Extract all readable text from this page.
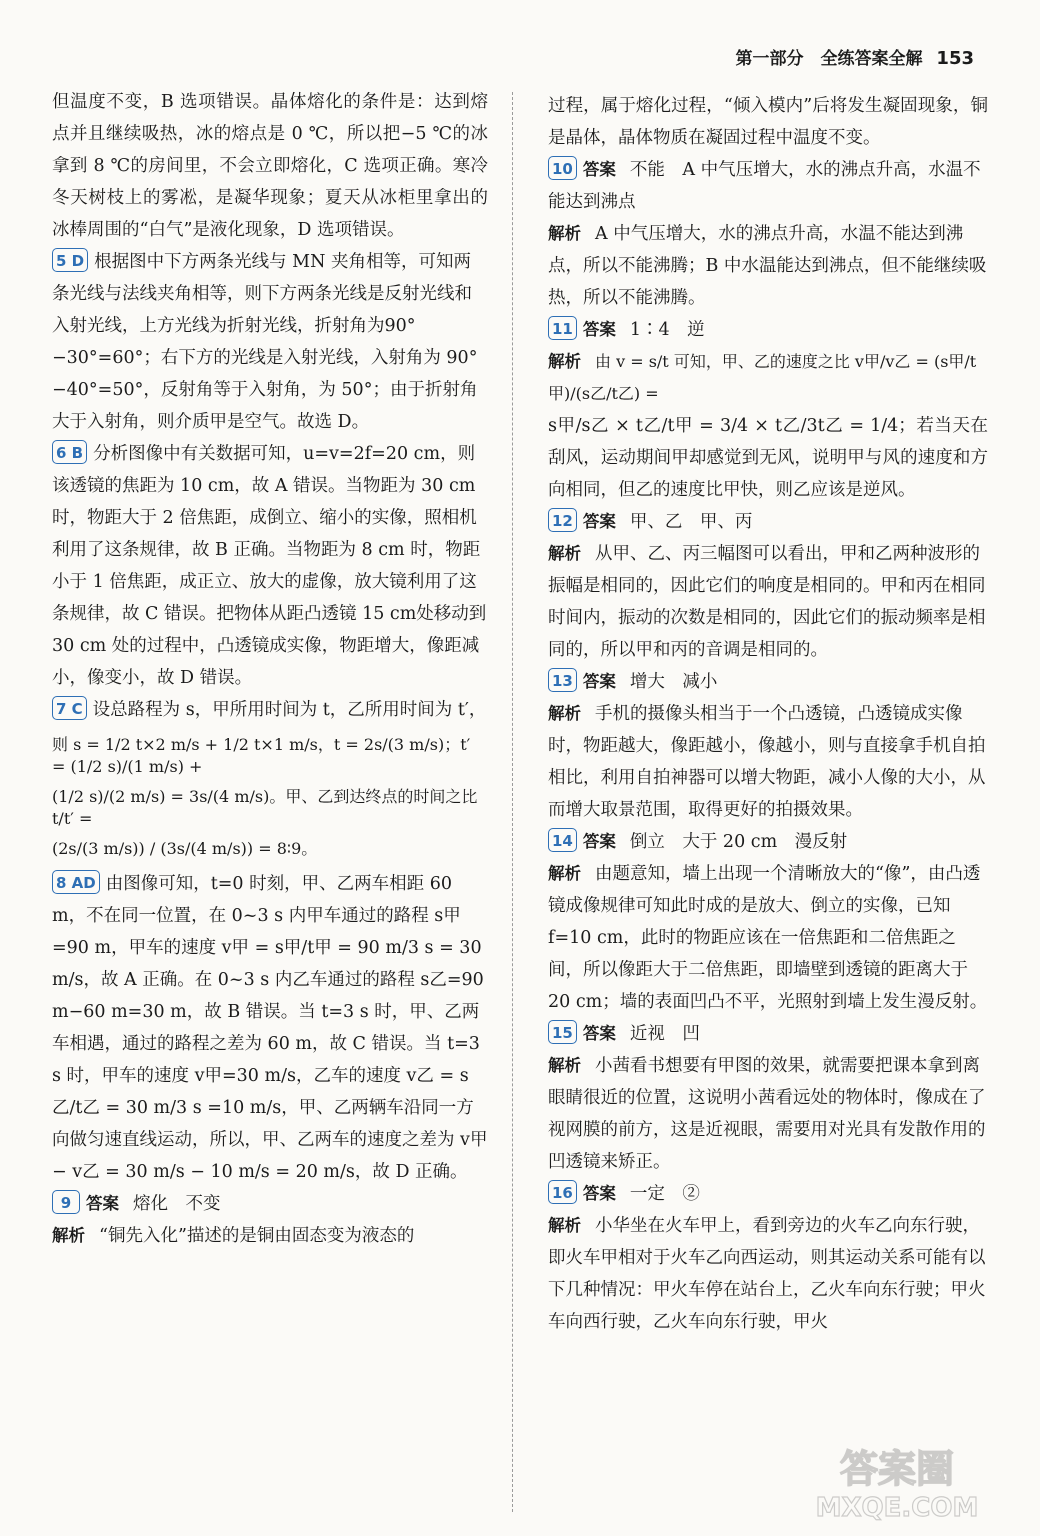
第一部分　全练答案全解 153

但温度不变，B 选项错误。晶体熔化的条件是：达到熔点并且继续吸热，冰的熔点是 0 ℃，所以把−5 ℃的冰拿到 8 ℃的房间里，不会立即熔化，C 选项正确。寒冷冬天树枝上的雾凇，是凝华现象；夏天从冰柜里拿出的冰棒周围的“白气”是液化现象，D 选项错误。

5 D 根据图中下方两条光线与 MN 夹角相等，可知两条光线与法线夹角相等，则下方两条光线是反射光线和入射光线，上方光线为折射光线，折射角为90°−30°=60°；右下方的光线是入射光线，入射角为 90°−40°=50°，反射角等于入射角，为 50°；由于折射角大于入射角，则介质甲是空气。故选 D。

6 B 分析图像中有关数据可知，u=v=2f=20 cm，则该透镜的焦距为 10 cm，故 A 错误。当物距为 30 cm时，物距大于 2 倍焦距，成倒立、缩小的实像，照相机利用了这条规律，故 B 正确。当物距为 8 cm 时，物距小于 1 倍焦距，成正立、放大的虚像，放大镜利用了这条规律，故 C 错误。把物体从距凸透镜 15 cm处移动到 30 cm 处的过程中，凸透镜成实像，物距增大，像距减小，像变小，故 D 错误。

7 C 设总路程为 s，甲所用时间为 t，乙所用时间为 t′，
则 s = 1/2 t×2 m/s + 1/2 t×1 m/s，t = 2s/(3 m/s)；t′ = (1/2 s)/(1 m/s) +
(1/2 s)/(2 m/s) = 3s/(4 m/s)。甲、乙到达终点的时间之比 t/t′ =
(2s/(3 m/s)) / (3s/(4 m/s)) = 8∶9。

8 AD 由图像可知，t=0 时刻，甲、乙两车相距 60 m，不在同一位置，在 0~3 s 内甲车通过的路程 s甲=90 m，甲车的速度 v甲 = s甲/t甲 = 90 m/3 s = 30 m/s，故 A 正确。在 0~3 s 内乙车通过的路程 s乙=90 m−60 m=30 m，故 B 错误。当 t=3 s 时，甲、乙两车相遇，通过的路程之差为 60 m，故 C 错误。当 t=3 s 时，甲车的速度 v甲=30 m/s，乙车的速度 v乙 = s乙/t乙 = 30 m/3 s =10 m/s，甲、乙两辆车沿同一方向做匀速直线运动，所以，甲、乙两车的速度之差为 v甲 − v乙 = 30 m/s − 10 m/s = 20 m/s，故 D 正确。

9 答案 熔化　不变

解析 “铜先入化”描述的是铜由固态变为液态的

过程，属于熔化过程，“倾入模内”后将发生凝固现象，铜是晶体，晶体物质在凝固过程中温度不变。

10 答案 不能　A 中气压增大，水的沸点升高，水温不能达到沸点

解析 A 中气压增大，水的沸点升高，水温不能达到沸点，所以不能沸腾；B 中水温能达到沸点，但不能继续吸热，所以不能沸腾。

11 答案 1∶4　逆

解析 由 v = s/t 可知，甲、乙的速度之比 v甲/v乙 = (s甲/t甲)/(s乙/t乙) =

s甲/s乙 × t乙/t甲 = 3/4 × t乙/3t乙 = 1/4；若当天在刮风，运动期间甲却感觉到无风，说明甲与风的速度和方向相同，但乙的速度比甲快，则乙应该是逆风。

12 答案 甲、乙　甲、丙

解析 从甲、乙、丙三幅图可以看出，甲和乙两种波形的振幅是相同的，因此它们的响度是相同的。甲和丙在相同时间内，振动的次数是相同的，因此它们的振动频率是相同的，所以甲和丙的音调是相同的。

13 答案 增大　减小

解析 手机的摄像头相当于一个凸透镜，凸透镜成实像时，物距越大，像距越小，像越小，则与直接拿手机自拍相比，利用自拍神器可以增大物距，减小人像的大小，从而增大取景范围，取得更好的拍摄效果。

14 答案 倒立　大于 20 cm　漫反射

解析 由题意知，墙上出现一个清晰放大的“像”，由凸透镜成像规律可知此时成的是放大、倒立的实像，已知 f=10 cm，此时的物距应该在一倍焦距和二倍焦距之间，所以像距大于二倍焦距，即墙壁到透镜的距离大于 20 cm；墙的表面凹凸不平，光照射到墙上发生漫反射。

15 答案 近视　凹

解析 小茜看书想要有甲图的效果，就需要把课本拿到离眼睛很近的位置，这说明小茜看远处的物体时，像成在了视网膜的前方，这是近视眼，需要用对光具有发散作用的凹透镜来矫正。

16 答案 一定　②

解析 小华坐在火车甲上，看到旁边的火车乙向东行驶，即火车甲相对于火车乙向西运动，则其运动关系可能有以下几种情况：甲火车停在站台上，乙火车向东行驶；甲火车向西行驶，乙火车向东行驶，甲火

答案圈
MXQE.COM
